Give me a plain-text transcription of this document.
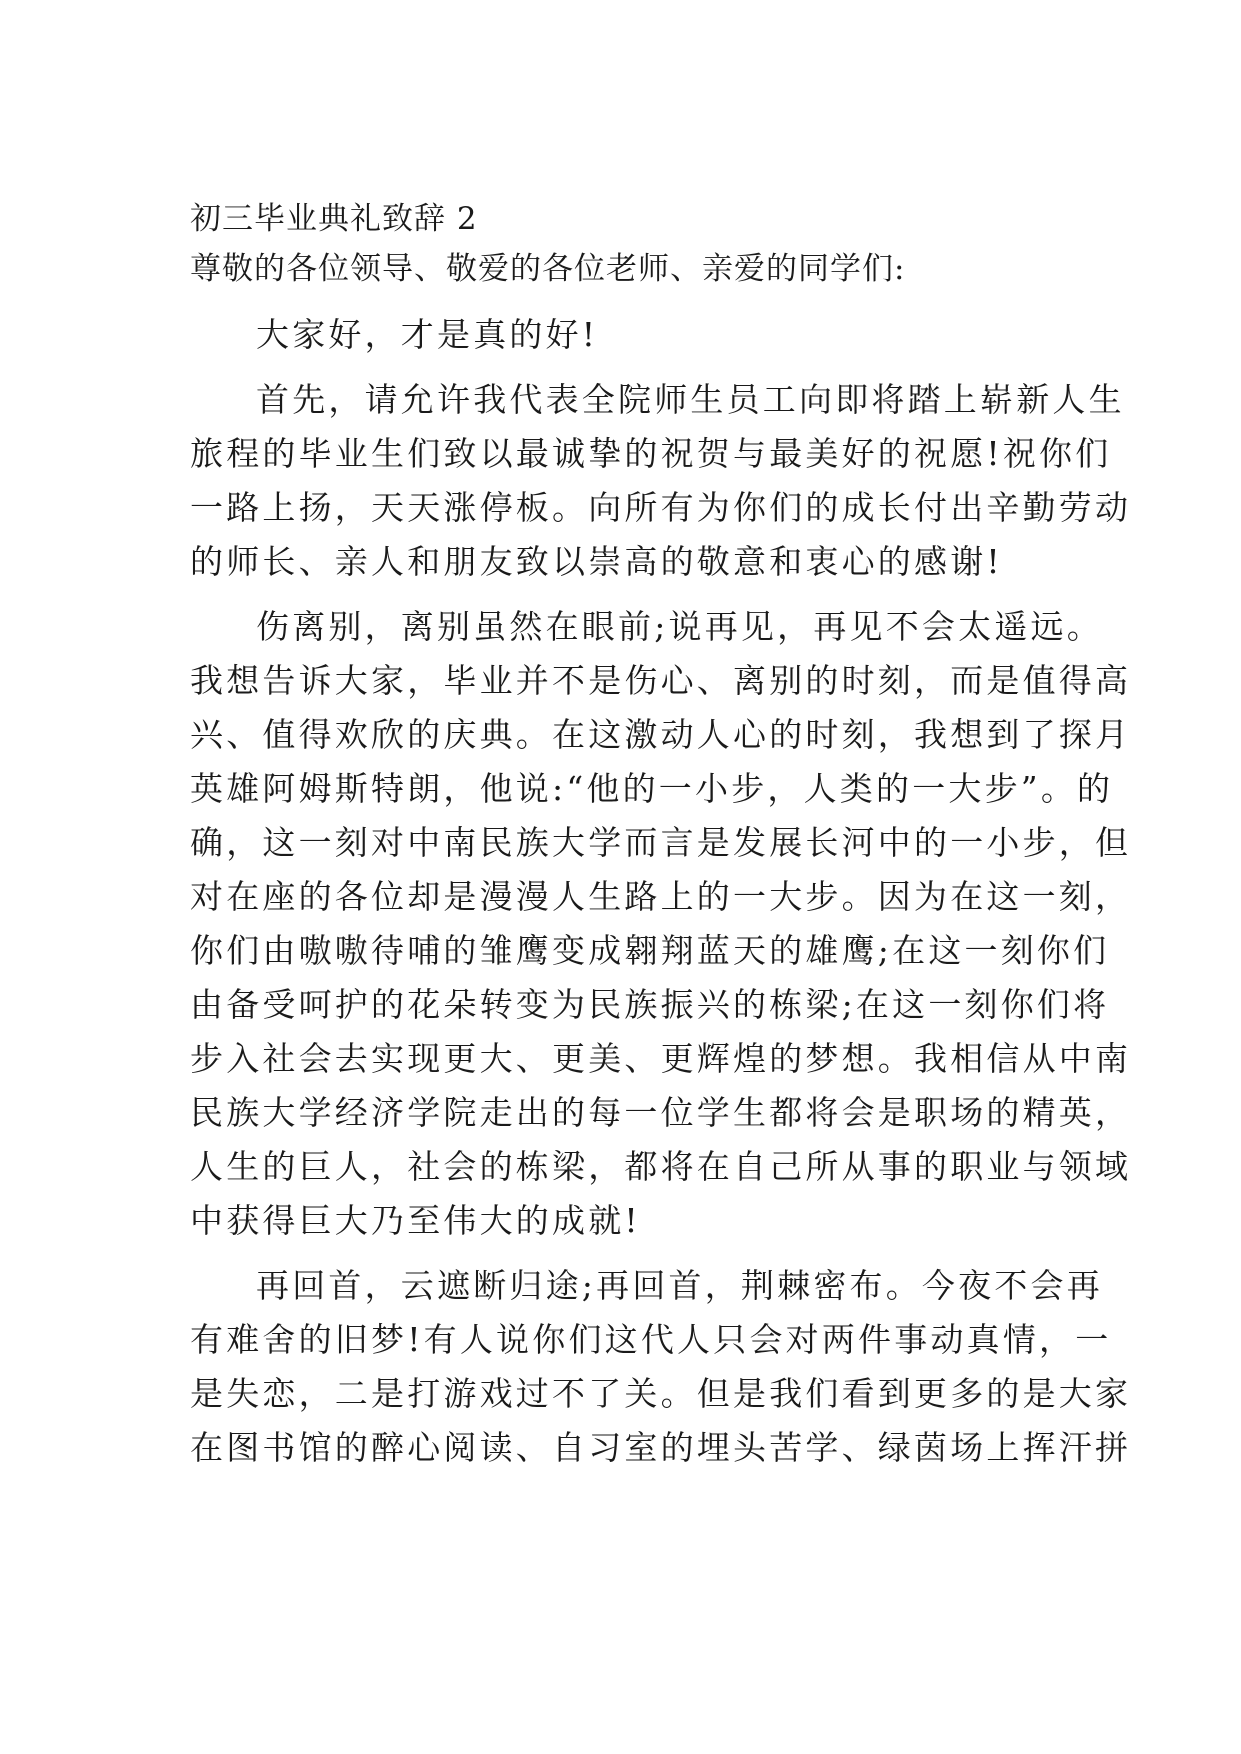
初三毕业典礼致辞 2
尊敬的各位领导、敬爱的各位老师、亲爱的同学们:
大家好，才是真的好!
首先，请允许我代表全院师生员工向即将踏上崭新人生
旅程的毕业生们致以最诚挚的祝贺与最美好的祝愿!祝你们
一路上扬，天天涨停板。向所有为你们的成长付出辛勤劳动
的师长、亲人和朋友致以崇高的敬意和衷心的感谢!
伤离别，离别虽然在眼前;说再见，再见不会太遥远。
我想告诉大家，毕业并不是伤心、离别的时刻，而是值得高
兴、值得欢欣的庆典。在这激动人心的时刻，我想到了探月
英雄阿姆斯特朗，他说:“他的一小步，人类的一大步”。的
确，这一刻对中南民族大学而言是发展长河中的一小步，但
对在座的各位却是漫漫人生路上的一大步。因为在这一刻，
你们由嗷嗷待哺的雏鹰变成翱翔蓝天的雄鹰;在这一刻你们
由备受呵护的花朵转变为民族振兴的栋梁;在这一刻你们将
步入社会去实现更大、更美、更辉煌的梦想。我相信从中南
民族大学经济学院走出的每一位学生都将会是职场的精英，
人生的巨人，社会的栋梁，都将在自己所从事的职业与领域
中获得巨大乃至伟大的成就!
再回首，云遮断归途;再回首，荆棘密布。今夜不会再
有难舍的旧梦!有人说你们这代人只会对两件事动真情，一
是失恋，二是打游戏过不了关。但是我们看到更多的是大家
在图书馆的醉心阅读、自习室的埋头苦学、绿茵场上挥汗拼
